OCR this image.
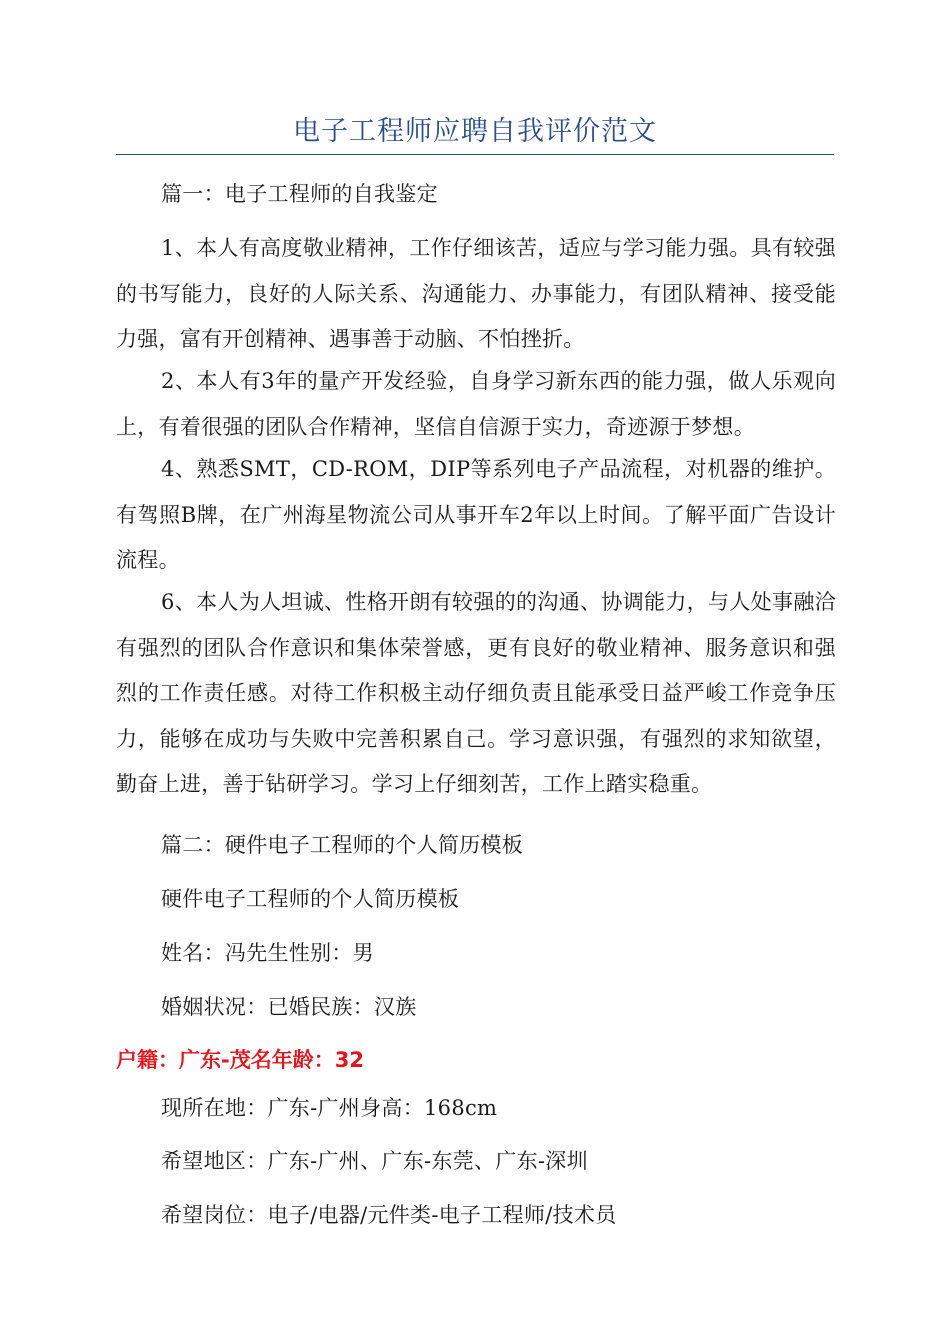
电子工程师应聘自我评价范文

篇一：电子工程师的自我鉴定

1、本人有高度敬业精神，工作仔细该苦，适应与学习能力强。具有较强的书写能力，良好的人际关系、沟通能力、办事能力，有团队精神、接受能力强，富有开创精神、遇事善于动脑、不怕挫折。

2、本人有3年的量产开发经验，自身学习新东西的能力强，做人乐观向上，有着很强的团队合作精神，坚信自信源于实力，奇迹源于梦想。

4、熟悉SMT，CD-ROM，DIP等系列电子产品流程，对机器的维护。有驾照B牌，在广州海星物流公司从事开车2年以上时间。了解平面广告设计流程。

6、本人为人坦诚、性格开朗有较强的的沟通、协调能力，与人处事融洽有强烈的团队合作意识和集体荣誉感，更有良好的敬业精神、服务意识和强烈的工作责任感。对待工作积极主动仔细负责且能承受日益严峻工作竞争压力，能够在成功与失败中完善积累自己。学习意识强，有强烈的求知欲望，勤奋上进，善于钻研学习。学习上仔细刻苦，工作上踏实稳重。

篇二：硬件电子工程师的个人简历模板

硬件电子工程师的个人简历模板

姓名：冯先生性别：男

婚姻状况：已婚民族：汉族

户籍：广东-茂名年龄：32

现所在地：广东-广州身高：168cm

希望地区：广东-广州、广东-东莞、广东-深圳

希望岗位：电子/电器/元件类-电子工程师/技术员
